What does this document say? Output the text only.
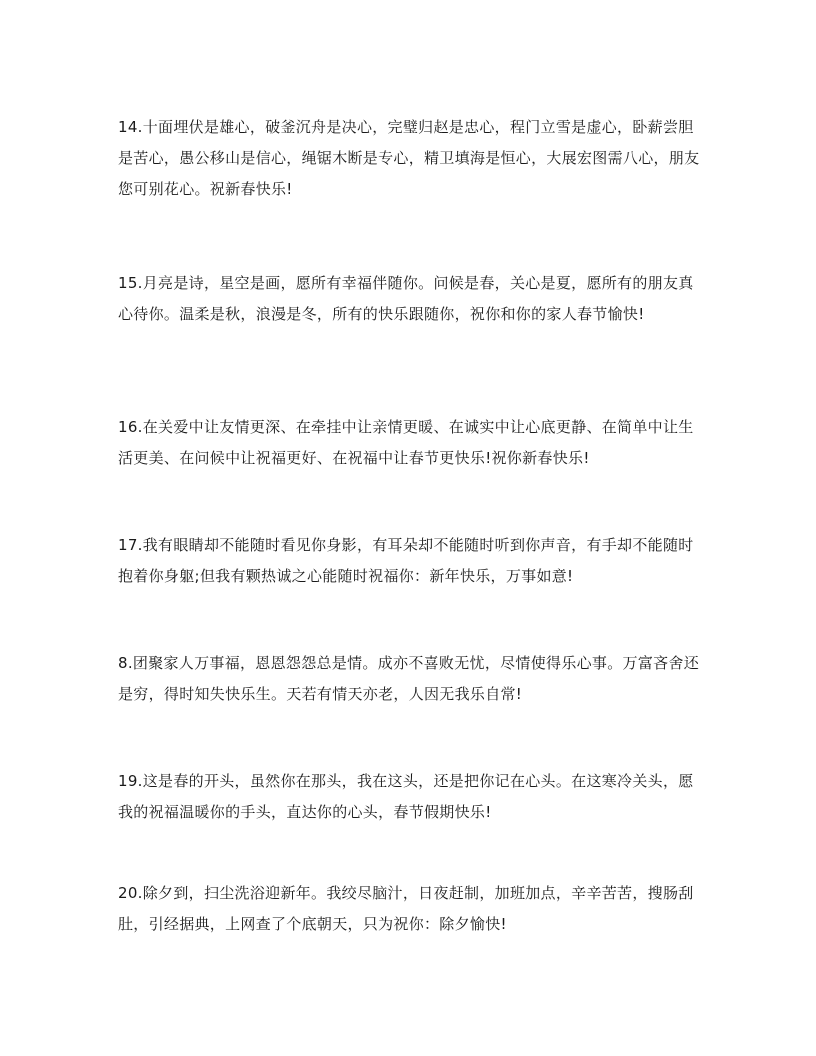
14.十面埋伏是雄心，破釜沉舟是决心，完璧归赵是忠心，程门立雪是虚心，卧薪尝胆是苦心，愚公移山是信心，绳锯木断是专心，精卫填海是恒心，大展宏图需八心，朋友您可别花心。祝新春快乐!

15.月亮是诗，星空是画，愿所有幸福伴随你。问候是春，关心是夏，愿所有的朋友真心待你。温柔是秋，浪漫是冬，所有的快乐跟随你，祝你和你的家人春节愉快!

16.在关爱中让友情更深、在牵挂中让亲情更暖、在诚实中让心底更静、在简单中让生活更美、在问候中让祝福更好、在祝福中让春节更快乐!祝你新春快乐!

17.我有眼睛却不能随时看见你身影，有耳朵却不能随时听到你声音，有手却不能随时抱着你身躯;但我有颗热诚之心能随时祝福你：新年快乐，万事如意!

8.团聚家人万事福，恩恩怨怨总是情。成亦不喜败无忧，尽情使得乐心事。万富吝舍还是穷，得时知失快乐生。天若有情天亦老，人因无我乐自常!

19.这是春的开头，虽然你在那头，我在这头，还是把你记在心头。在这寒冷关头，愿我的祝福温暖你的手头，直达你的心头，春节假期快乐!

20.除夕到，扫尘洗浴迎新年。我绞尽脑汁，日夜赶制，加班加点，辛辛苦苦，搜肠刮肚，引经据典，上网查了个底朝天，只为祝你：除夕愉快!
